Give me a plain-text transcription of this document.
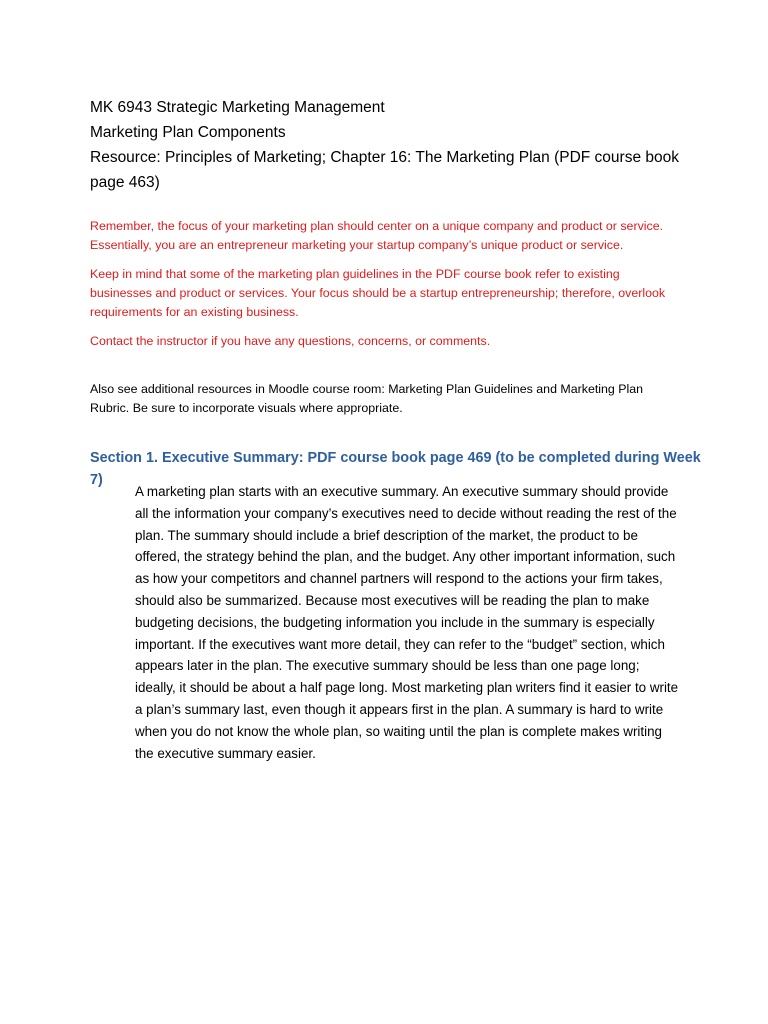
MK 6943 Strategic Marketing Management

Marketing Plan Components

Resource: Principles of Marketing; Chapter 16: The Marketing Plan (PDF course book page 463)

Remember, the focus of your marketing plan should center on a unique company and product or service. Essentially, you are an entrepreneur marketing your startup company’s unique product or service.

Keep in mind that some of the marketing plan guidelines in the PDF course book refer to existing businesses and product or services. Your focus should be a startup entrepreneurship; therefore, overlook requirements for an existing business.

Contact the instructor if you have any questions, concerns, or comments.

Also see additional resources in Moodle course room: Marketing Plan Guidelines and Marketing Plan Rubric. Be sure to incorporate visuals where appropriate.

Section 1. Executive Summary: PDF course book page 469 (to be completed during Week 7)

A marketing plan starts with an executive summary. An executive summary should provide all the information your company’s executives need to decide without reading the rest of the plan. The summary should include a brief description of the market, the product to be offered, the strategy behind the plan, and the budget. Any other important information, such as how your competitors and channel partners will respond to the actions your firm takes, should also be summarized. Because most executives will be reading the plan to make budgeting decisions, the budgeting information you include in the summary is especially important. If the executives want more detail, they can refer to the “budget” section, which appears later in the plan. The executive summary should be less than one page long; ideally, it should be about a half page long. Most marketing plan writers find it easier to write a plan’s summary last, even though it appears first in the plan. A summary is hard to write when you do not know the whole plan, so waiting until the plan is complete makes writing the executive summary easier.
